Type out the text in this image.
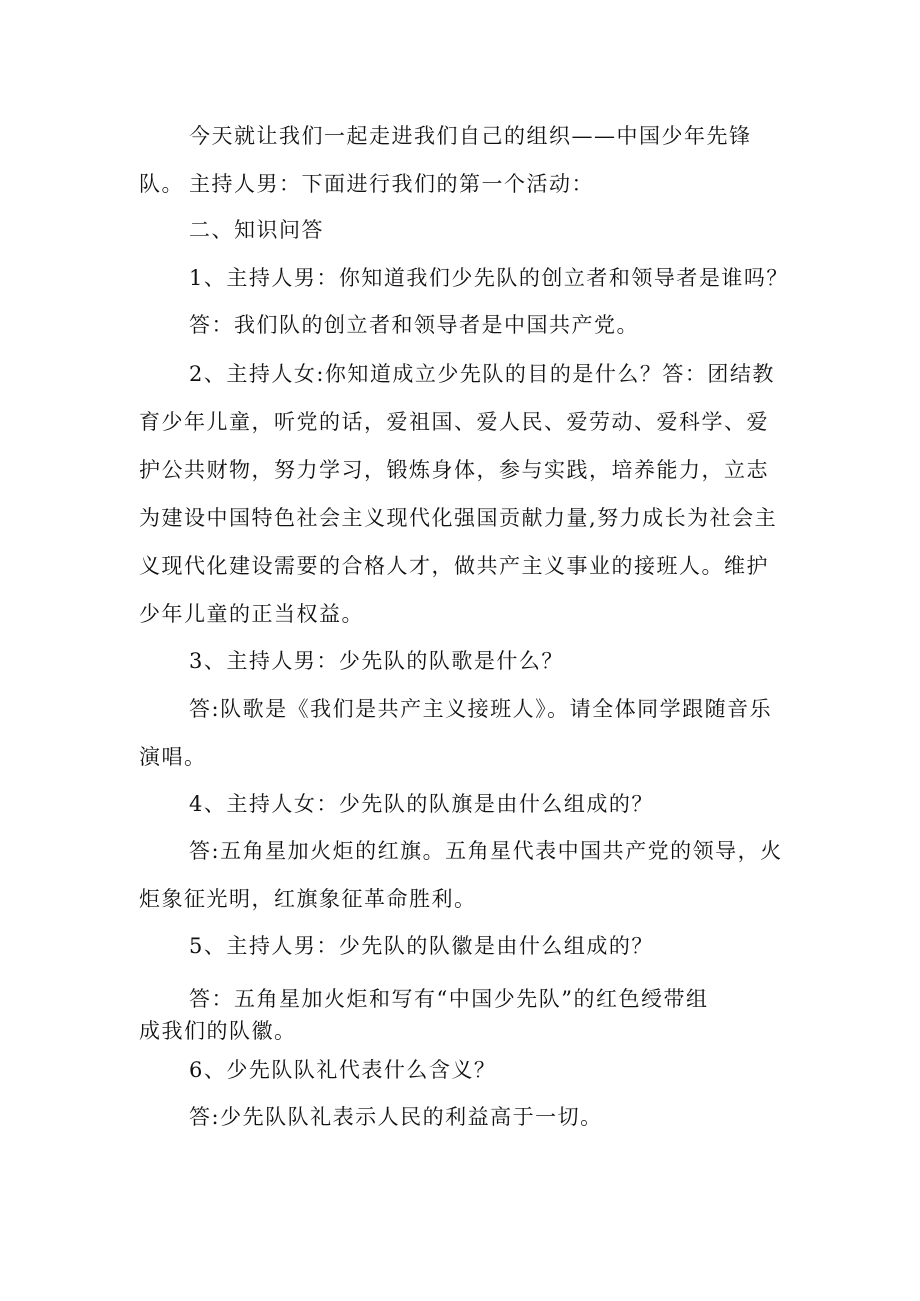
今天就让我们一起走进我们自己的组织——中国少年先锋队。 主持人男：下面进行我们的第一个活动：

二、知识问答

1、主持人男：你知道我们少先队的创立者和领导者是谁吗？

答：我们队的创立者和领导者是中国共产党。

2、主持人女:你知道成立少先队的目的是什么？答：团结教育少年儿童，听党的话，爱祖国、爱人民、爱劳动、爱科学、爱护公共财物，努力学习，锻炼身体，参与实践，培养能力，立志为建设中国特色社会主义现代化强国贡献力量,努力成长为社会主义现代化建设需要的合格人才，做共产主义事业的接班人。维护少年儿童的正当权益。

3、主持人男：少先队的队歌是什么？

答:队歌是《我们是共产主义接班人》。请全体同学跟随音乐演唱。

4、主持人女：少先队的队旗是由什么组成的？

答:五角星加火炬的红旗。五角星代表中国共产党的领导，火炬象征光明，红旗象征革命胜利。

5、主持人男：少先队的队徽是由什么组成的？

答：五角星加火炬和写有“中国少先队”的红色绶带组

成我们的队徽。

6、少先队队礼代表什么含义？

答:少先队队礼表示人民的利益高于一切。
